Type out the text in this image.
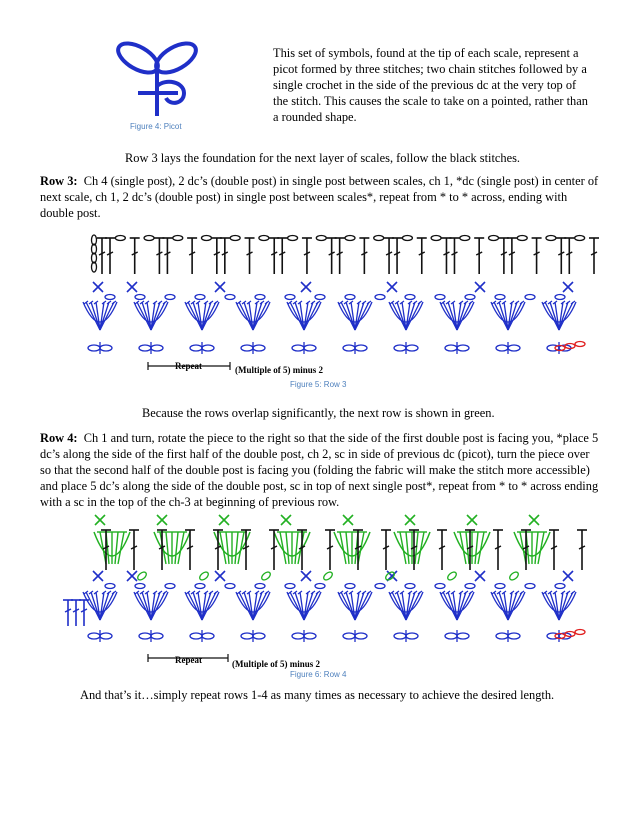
Figure 4: Picot

This set of symbols, found at the tip of each scale, represent a picot formed by three stitches; two chain stitches followed by a single crochet in the side of the previous dc at the very top of the stitch. This causes the scale to take on a pointed, rather than a rounded shape.

Row 3 lays the foundation for the next layer of scales, follow the black stitches.

Row 3: Ch 4 (single post), 2 dc’s (double post) in single post between scales, ch 1, *dc (single post) in center of next scale, ch 1, 2 dc’s (double post) in single post between scales*, repeat from * to * across, ending with double post.

Repeat	(Multiple of 5) minus 2
Figure 5: Row 3

Because the rows overlap significantly, the next row is shown in green.

Row 4: Ch 1 and turn, rotate the piece to the right so that the side of the first double post is facing you, *place 5 dc’s along the side of the first half of the double post, ch 2, sc in side of previous dc (picot), turn the piece over so that the second half of the double post is facing you (folding the fabric will make the stitch more accessible) and place 5 dc’s along the side of the double post, sc in top of next single post*, repeat from * to * across ending with a sc in the top of the ch-3 at beginning of previous row.

Repeat	(Multiple of 5) minus 2
Figure 6: Row 4

And that’s it…simply repeat rows 1-4 as many times as necessary to achieve the desired length.
